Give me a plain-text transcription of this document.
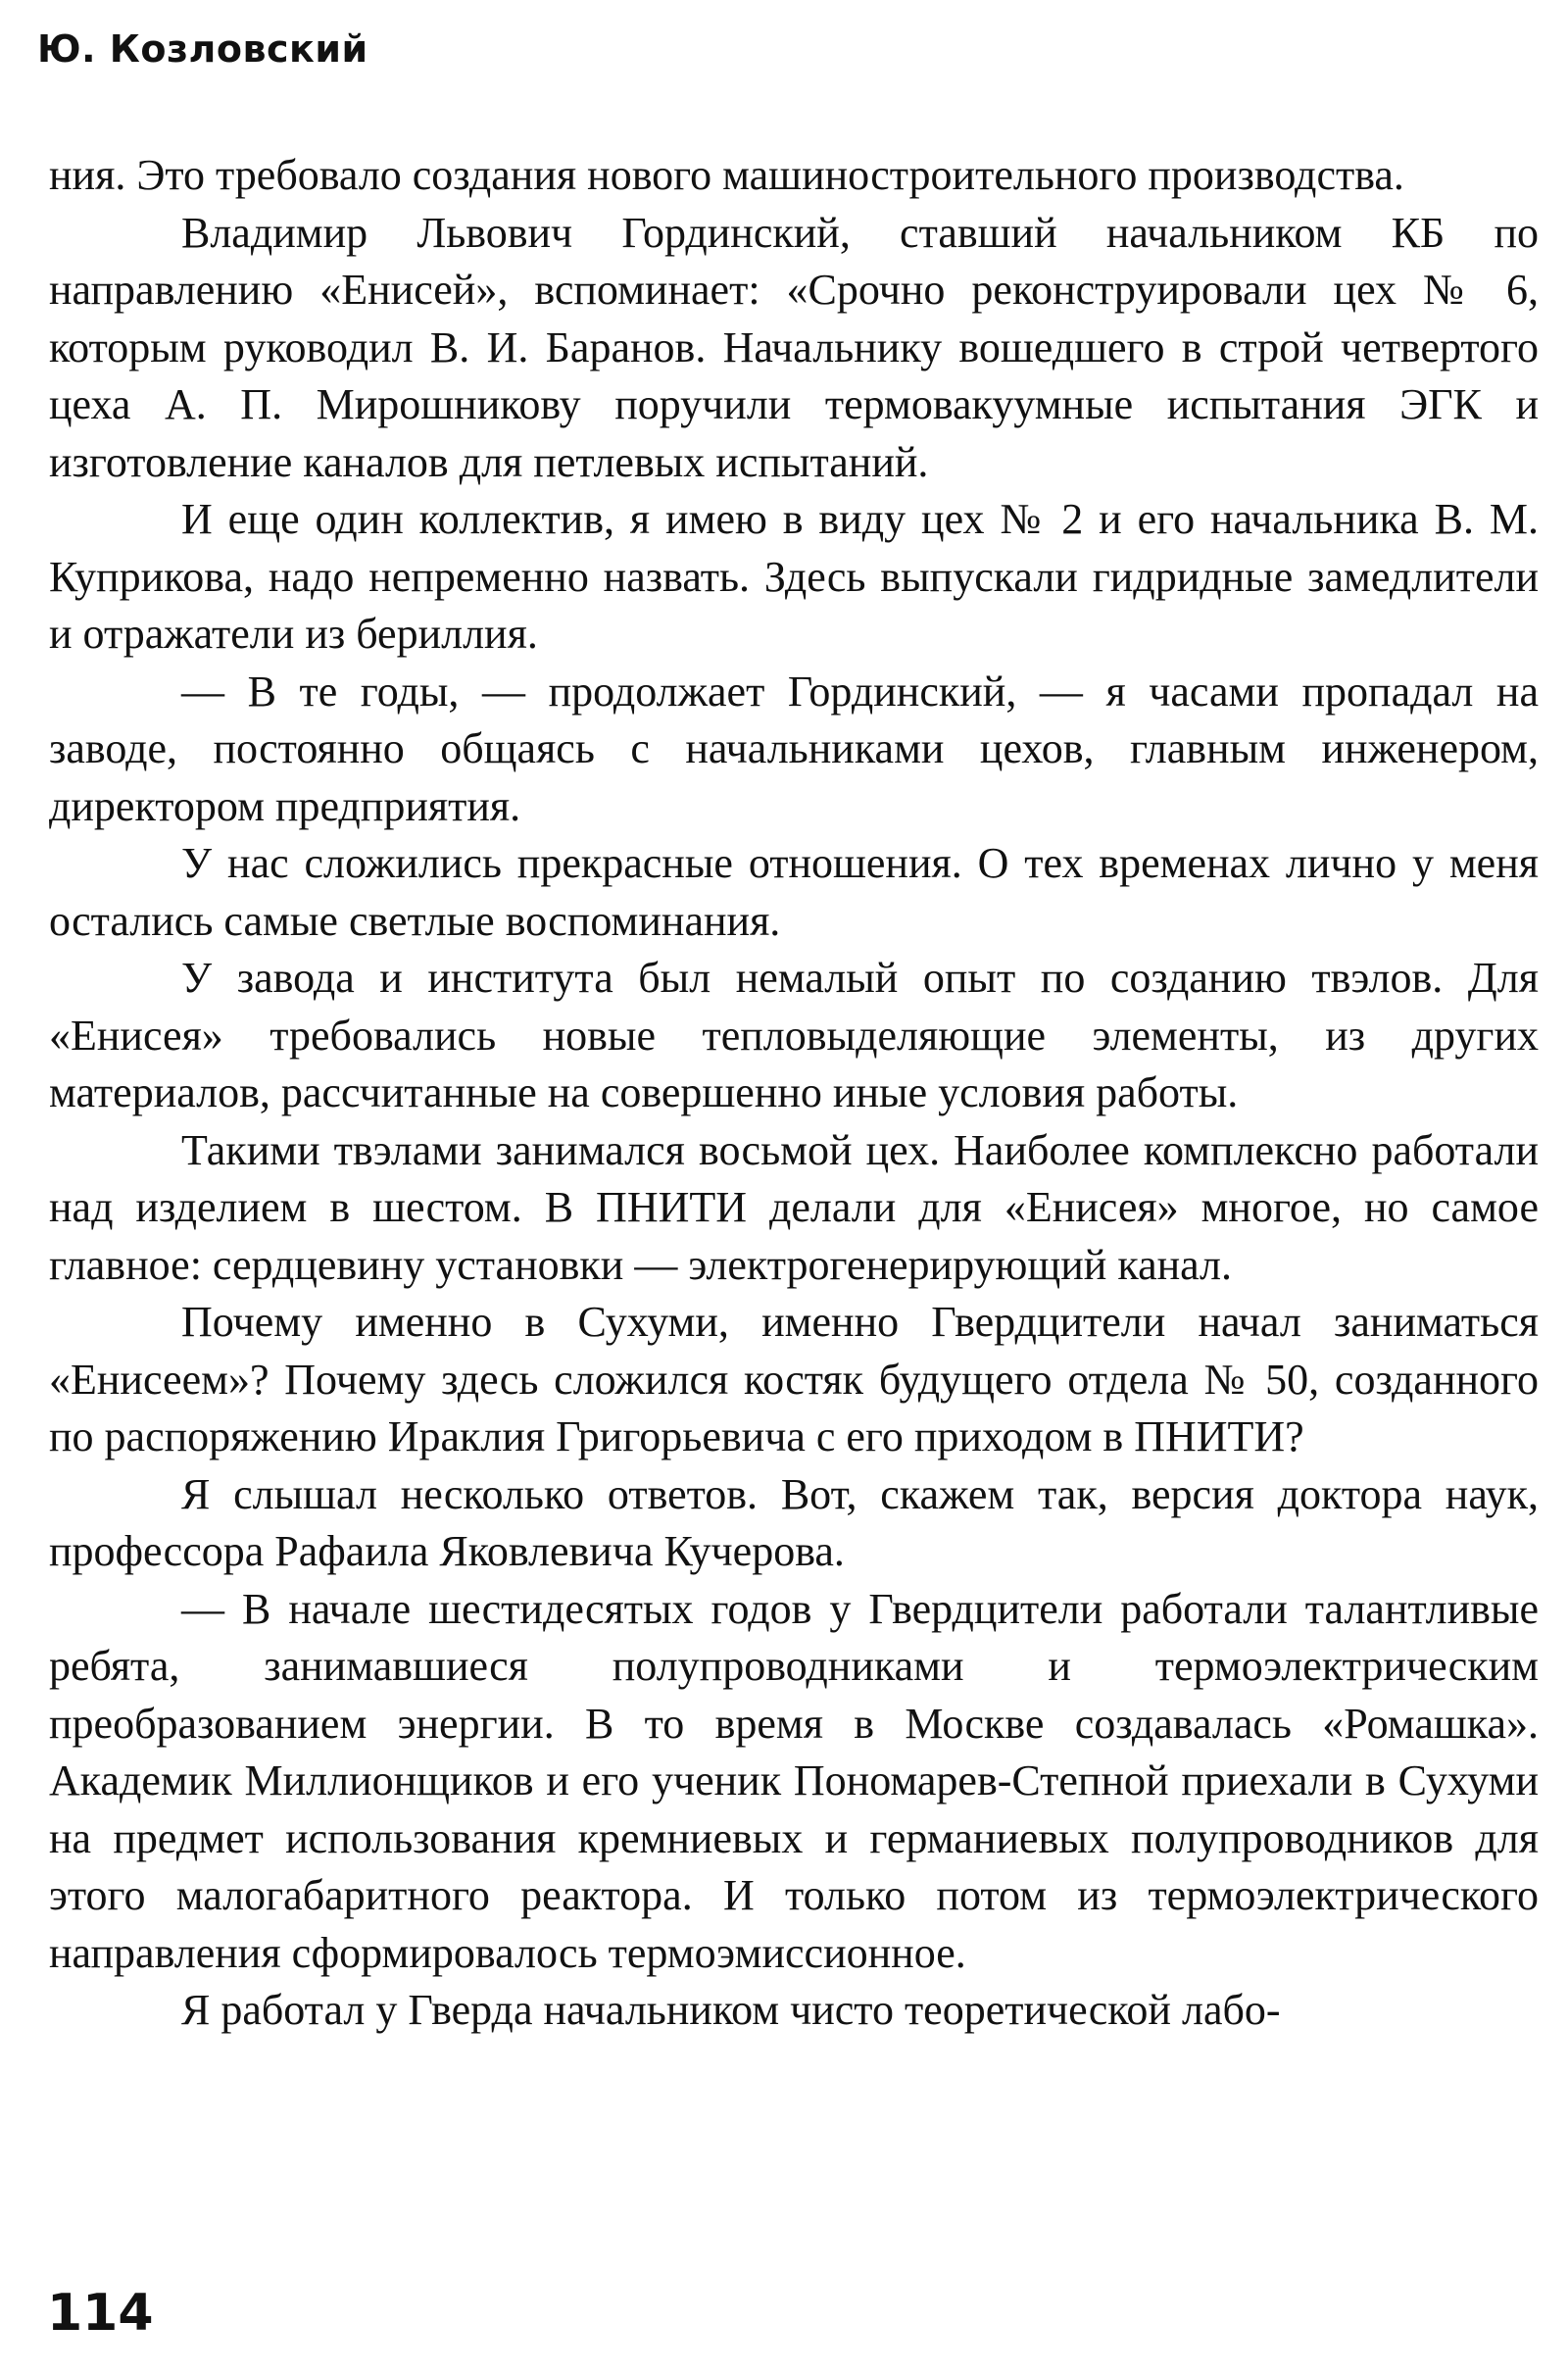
Ю. Козловский

ния. Это требовало создания нового машиностроительного производства.

Владимир Львович Гординский, ставший начальником КБ по направлению «Енисей», вспоминает: «Срочно реконструировали цех № 6, которым руководил В. И. Баранов. Начальнику вошедшего в строй четвертого цеха А. П. Мирошникову поручили термовакуумные испытания ЭГК и изготовление каналов для петлевых испытаний.

И еще один коллектив, я имею в виду цех № 2 и его начальника В. М. Куприкова, надо непременно назвать. Здесь выпускали гидридные замедлители и отражатели из бериллия.

— В те годы, — продолжает Гординский, — я часами пропадал на заводе, постоянно общаясь с начальниками цехов, главным инженером, директором предприятия.

У нас сложились прекрасные отношения. О тех временах лично у меня остались самые светлые воспоминания.

У завода и института был немалый опыт по созданию твэлов. Для «Енисея» требовались новые тепловыделяющие элементы, из других материалов, рассчитанные на совершенно иные условия работы.

Такими твэлами занимался восьмой цех. Наиболее комплексно работали над изделием в шестом. В ПНИТИ делали для «Енисея» многое, но самое главное: сердцевину установки — электрогенерирующий канал.

Почему именно в Сухуми, именно Гвердцители начал заниматься «Енисеем»? Почему здесь сложился костяк будущего отдела № 50, созданного по распоряжению Ираклия Григорьевича с его приходом в ПНИТИ?

Я слышал несколько ответов. Вот, скажем так, версия доктора наук, профессора Рафаила Яковлевича Кучерова.

— В начале шестидесятых годов у Гвердцители работали талантливые ребята, занимавшиеся полупроводниками и термоэлектрическим преобразованием энергии. В то время в Москве создавалась «Ромашка». Академик Миллионщиков и его ученик Пономарев-Степной приехали в Сухуми на предмет использования кремниевых и германиевых полупроводников для этого малогабаритного реактора. И только потом из термоэлектрического направления сформировалось термоэмиссионное.

Я работал у Гверда начальником чисто теоретической лабо-

114
